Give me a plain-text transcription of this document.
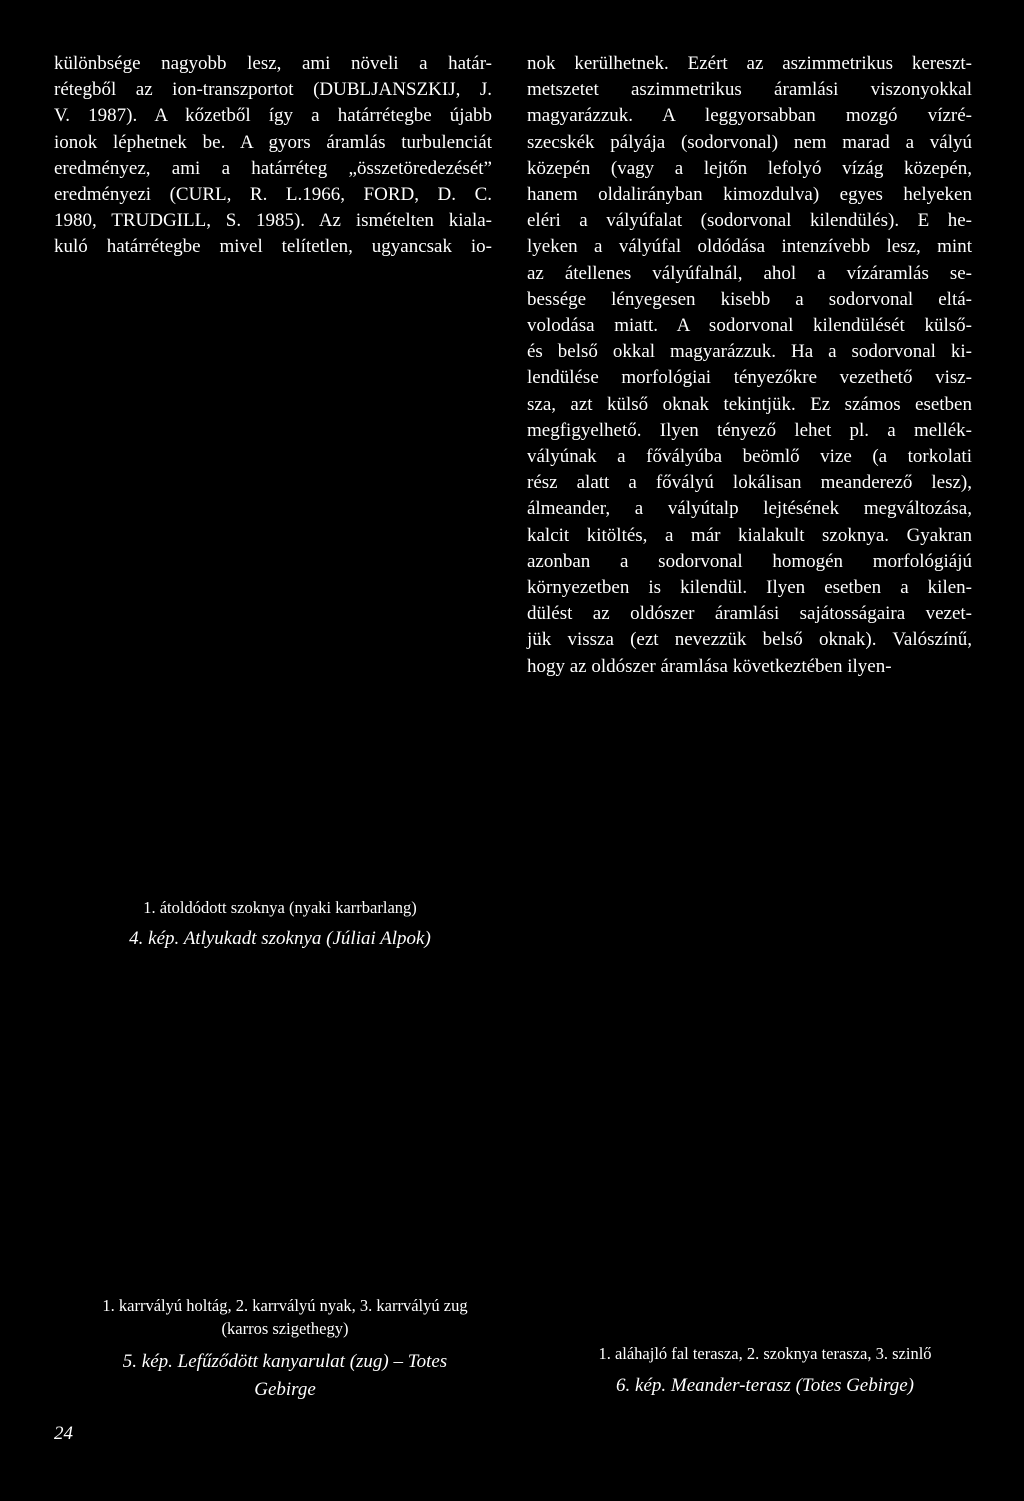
különbsége nagyobb lesz, ami növeli a határ-
rétegből az ion-transzportot (DUBLJANSZKIJ, J.
V. 1987). A kőzetből így a határrétegbe újabb
ionok léphetnek be. A gyors áramlás turbulenciát
eredményez, ami a határréteg „összetöredezését”
eredményezi (CURL, R. L.1966, FORD, D. C.
1980, TRUDGILL, S. 1985). Az ismételten kiala-
kuló határrétegbe mivel telítetlen, ugyancsak io-
nok kerülhetnek. Ezért az aszimmetrikus kereszt-
metszetet aszimmetrikus áramlási viszonyokkal
magyarázzuk. A leggyorsabban mozgó vízré-
szecskék pályája (sodorvonal) nem marad a vályú
közepén (vagy a lejtőn lefolyó vízág közepén,
hanem oldalirányban kimozdulva) egyes helyeken
eléri a vályúfalat (sodorvonal kilendülés). E he-
lyeken a vályúfal oldódása intenzívebb lesz, mint
az átellenes vályúfalnál, ahol a vízáramlás se-
bessége lényegesen kisebb a sodorvonal eltá-
volodása miatt. A sodorvonal kilendülését külső-
és belső okkal magyarázzuk. Ha a sodorvonal ki-
lendülése morfológiai tényezőkre vezethető visz-
sza, azt külső oknak tekintjük. Ez számos esetben
megfigyelhető. Ilyen tényező lehet pl. a mellék-
vályúnak a fővályúba beömlő vize (a torkolati
rész alatt a fővályú lokálisan meanderező lesz),
álmeander, a vályútalp lejtésének megváltozása,
kalcit kitöltés, a már kialakult szoknya. Gyakran
azonban a sodorvonal homogén morfológiájú
környezetben is kilendül. Ilyen esetben a kilen-
dülést az oldószer áramlási sajátosságaira vezet-
jük vissza (ezt nevezzük belső oknak). Valószínű,
hogy az oldószer áramlása következtében ilyen-
1. átoldódott szoknya (nyaki karrbarlang)
4. kép. Atlyukadt szoknya (Júliai Alpok)
1. karrvályú holtág, 2. karrvályú nyak, 3. karrvályú zug
(karros szigethegy)
5. kép. Lefűződött kanyarulat (zug) – Totes
Gebirge
1. aláhajló fal terasza, 2. szoknya terasza, 3. szinlő
6. kép. Meander-terasz (Totes Gebirge)
24
